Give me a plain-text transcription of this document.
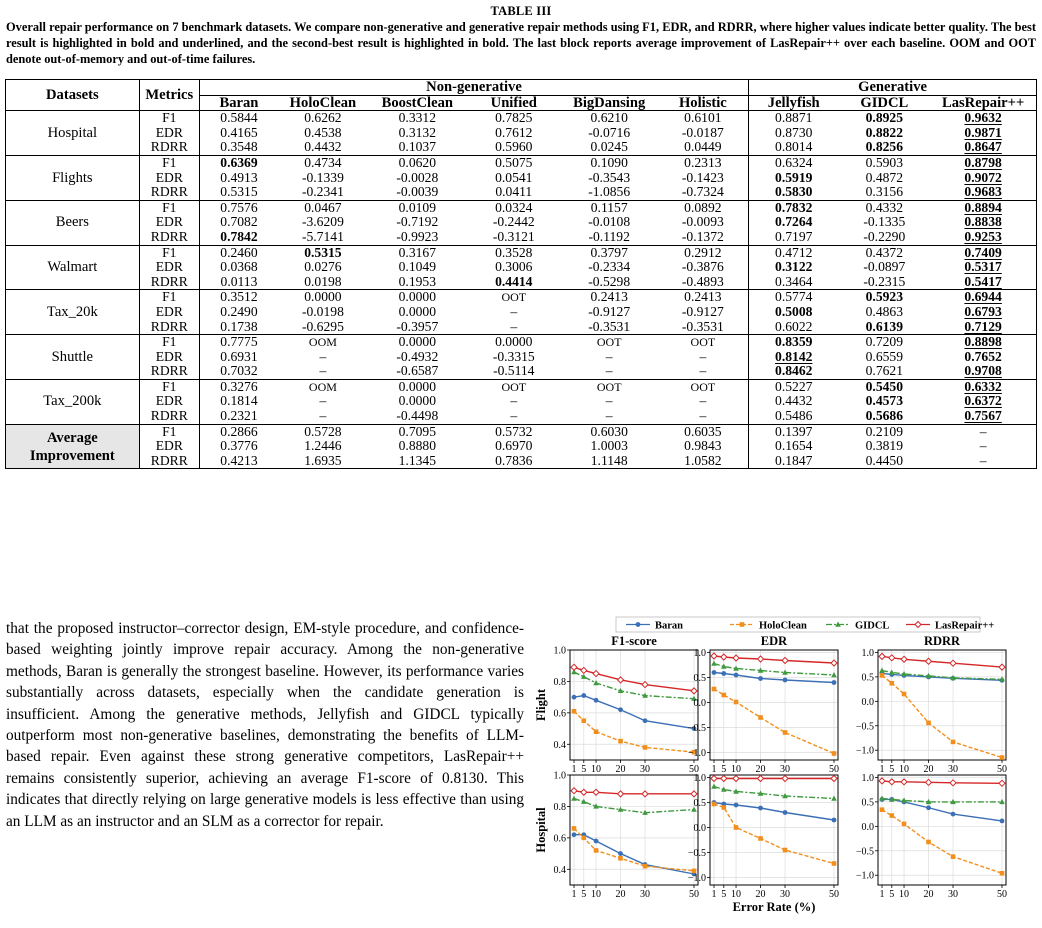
TABLE III
Overall repair performance on 7 benchmark datasets. We compare non-generative and generative repair methods using F1, EDR, and RDRR, where higher values indicate better quality. The best result is highlighted in bold and underlined, and the second-best result is highlighted in bold. The last block reports average improvement of LasRepair++ over each baseline. OOM and OOT denote out-of-memory and out-of-time failures.
Datasets	Metrics	Non-generative						Generative		
		Baran	HoloClean	BoostClean	Unified	BigDansing	Holistic	Jellyfish	GIDCL	LasRepair++
Hospital	F1	0.5844	0.6262	0.3312	0.7825	0.6210	0.6101	0.8871	0.8925	0.9632
	EDR	0.4165	0.4538	0.3132	0.7612	-0.0716	-0.0187	0.8730	0.8822	0.9871
	RDRR	0.3548	0.4432	0.1037	0.5960	0.0245	0.0449	0.8014	0.8256	0.8647
Flights	F1	0.6369	0.4734	0.0620	0.5075	0.1090	0.2313	0.6324	0.5903	0.8798
	EDR	0.4913	-0.1339	-0.0028	0.0541	-0.3543	-0.1423	0.5919	0.4872	0.9072
	RDRR	0.5315	-0.2341	-0.0039	0.0411	-1.0856	-0.7324	0.5830	0.3156	0.9683
Beers	F1	0.7576	0.0467	0.0109	0.0324	0.1157	0.0892	0.7832	0.4332	0.8894
	EDR	0.7082	-3.6209	-0.7192	-0.2442	-0.0108	-0.0093	0.7264	-0.1335	0.8838
	RDRR	0.7842	-5.7141	-0.9923	-0.3121	-0.1192	-0.1372	0.7197	-0.2290	0.9253
Walmart	F1	0.2460	0.5315	0.3167	0.3528	0.3797	0.2912	0.4712	0.4372	0.7409
	EDR	0.0368	0.0276	0.1049	0.3006	-0.2334	-0.3876	0.3122	-0.0897	0.5317
	RDRR	0.0113	0.0198	0.1953	0.4414	-0.5298	-0.4893	0.3464	-0.2315	0.5417
Tax_20k	F1	0.3512	0.0000	0.0000	OOT	0.2413	0.2413	0.5774	0.5923	0.6944
	EDR	0.2490	-0.0198	0.0000	–	-0.9127	-0.9127	0.5008	0.4863	0.6793
	RDRR	0.1738	-0.6295	-0.3957	–	-0.3531	-0.3531	0.6022	0.6139	0.7129
Shuttle	F1	0.7775	OOM	0.0000	0.0000	OOT	OOT	0.8359	0.7209	0.8898
	EDR	0.6931	–	-0.4932	-0.3315	–	–	0.8142	0.6559	0.7652
	RDRR	0.7032	–	-0.6587	-0.5114	–	–	0.8462	0.7621	0.9708
Tax_200k	F1	0.3276	OOM	0.0000	OOT	OOT	OOT	0.5227	0.5450	0.6332
	EDR	0.1814	–	0.0000	–	–	–	0.4432	0.4573	0.6372
	RDRR	0.2321	–	-0.4498	–	–	–	0.5486	0.5686	0.7567
Average Improvement	F1	0.2866	0.5728	0.7095	0.5732	0.6030	0.6035	0.1397	0.2109	–
	EDR	0.3776	1.2446	0.8880	0.6970	1.0003	0.9843	0.1654	0.3819	–
	RDRR	0.4213	1.6935	1.1345	0.7836	1.1148	1.0582	0.1847	0.4450	–
that the proposed instructor–corrector design, EM-style procedure, and confidence-based weighting jointly improve repair accuracy. Among the non-generative methods, Baran is generally the strongest baseline. However, its performance varies substantially across datasets, especially when the candidate generation is insufficient. Among the generative methods, Jellyfish and GIDCL typically outperform most non-generative baselines, demonstrating the benefits of LLM-based repair. Even against these strong generative competitors, LasRepair++ remains consistently superior, achieving an average F1-score of 0.8130. This indicates that directly relying on large generative models is less effective than using an LLM as an instructor and an SLM as a corrector for repair.
Baran	HoloClean	GIDCL	LasRepair++
F1-score	EDR	RDRR
Flight
Hospital
0.4
0.6
0.8
1.0
1 5 10 20 30	50
−1.0
−0.5
0.0
0.5
1.0
1 5 10 20 30	50
−1.0
−0.5
0.0
0.5
1.0
1 5 10 20 30	50
0.4
0.6
0.8
1.0
1 5 10 20 30	50
−1.0
−0.5
0.0
0.5
1.0
1 5 10 20 30	50
−1.0
−0.5
0.0
0.5
1.0
1 5 10 20 30	50
Error Rate (%)
